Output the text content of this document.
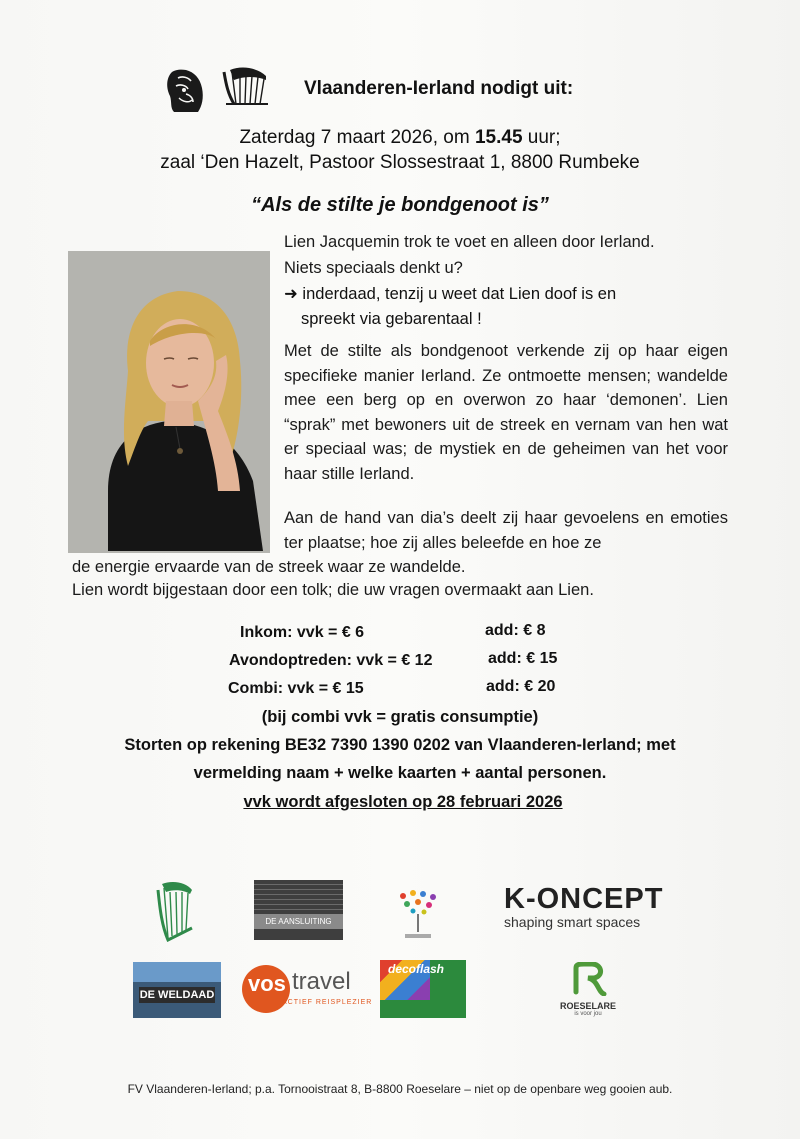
Vlaanderen-Ierland nodigt uit:
Zaterdag 7 maart 2026, om 15.45 uur;
zaal ‘Den Hazelt, Pastoor Slossestraat 1, 8800 Rumbeke
“Als de stilte je bondgenoot is”
Lien Jacquemin trok te voet en alleen door Ierland.
Niets speciaals denkt u?
➜ inderdaad, tenzij u weet dat Lien doof is en
spreekt via gebarentaal !
Met de stilte als bondgenoot verkende zij op haar eigen specifieke manier Ierland. Ze ontmoette mensen; wandelde mee een berg op en overwon zo haar ‘demonen’. Lien “sprak” met bewoners uit de streek en vernam van hen wat er speciaal was; de mystiek en de geheimen van het voor haar stille Ierland.
Aan de hand van dia’s deelt zij haar gevoelens en emoties ter plaatse; hoe zij alles beleefde en hoe ze
de energie ervaarde van de streek waar ze wandelde.
Lien wordt bijgestaan door een tolk; die uw vragen overmaakt aan Lien.
Inkom: vvk = € 6	add: € 8
Avondoptreden: vvk = € 12	add: € 15
Combi: vvk = € 15	add: € 20
(bij combi vvk = gratis consumptie)
Storten op rekening BE32 7390 1390 0202 van Vlaanderen-Ierland; met
vermelding naam + welke kaarten + aantal personen.
vvk wordt afgesloten op 28 februari 2026
DE AANSLUITING
K-ONCEPT
shaping smart spaces
DE WELDAAD vos travel
ACTIEF REISPLEZIER
decoflash
ROESELARE
is voor jou
FV Vlaanderen-Ierland; p.a. Tornooistraat 8, B-8800 Roeselare – niet op de openbare weg gooien aub.
